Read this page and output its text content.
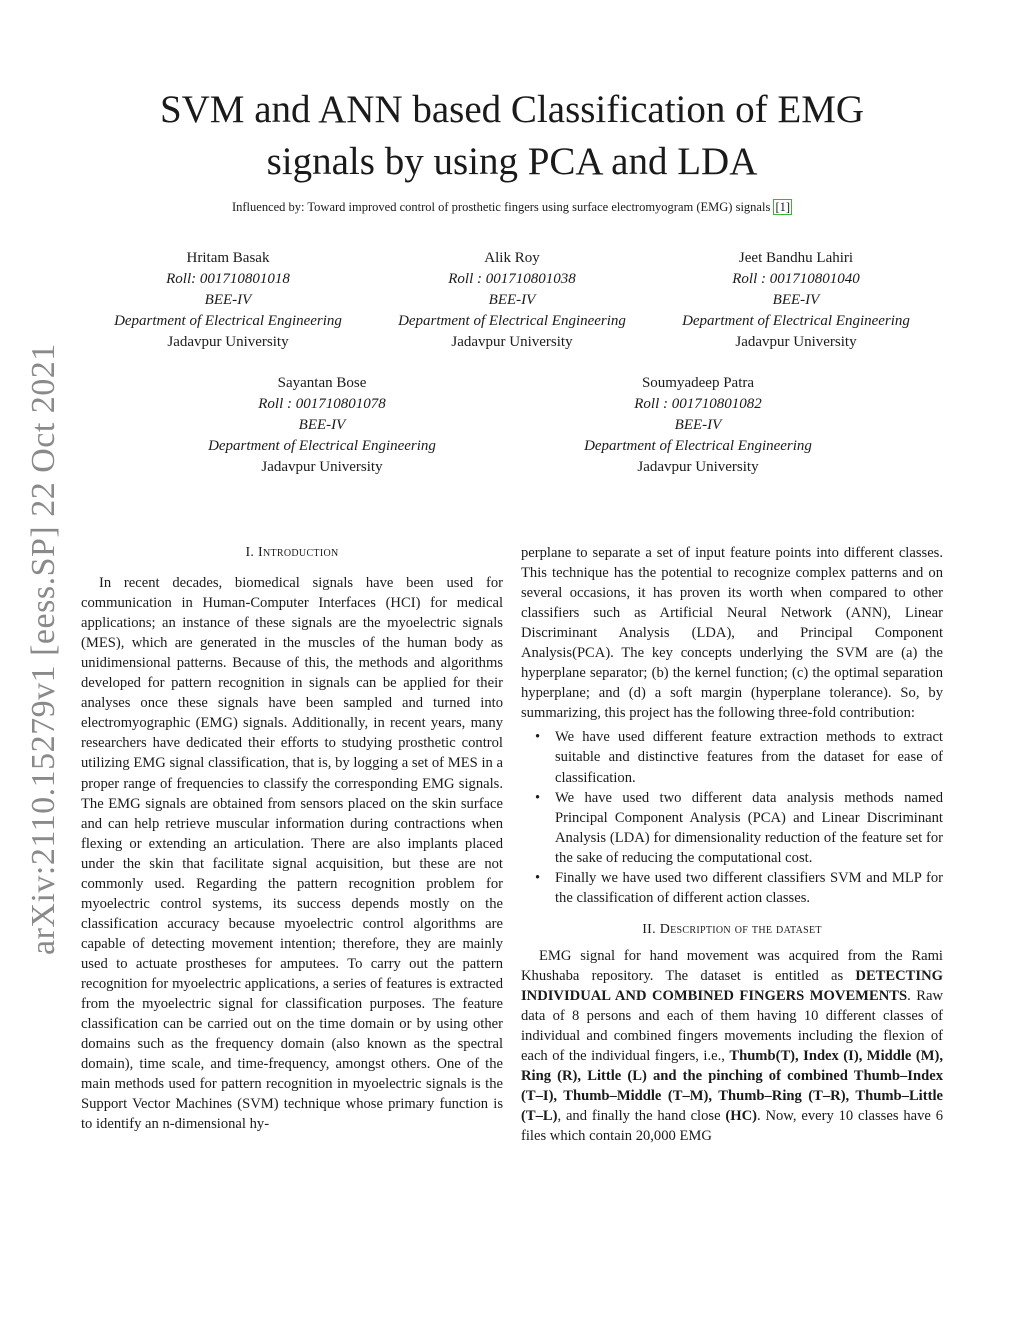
arXiv:2110.15279v1 [eess.SP] 22 Oct 2021
SVM and ANN based Classification of EMG
signals by using PCA and LDA
Influenced by: Toward improved control of prosthetic fingers using surface electromyogram (EMG) signals [1]
Hritam Basak
Roll: 001710801018
BEE-IV
Department of Electrical Engineering
Jadavpur University
Alik Roy
Roll : 001710801038
BEE-IV
Department of Electrical Engineering
Jadavpur University
Jeet Bandhu Lahiri
Roll : 001710801040
BEE-IV
Department of Electrical Engineering
Jadavpur University
Sayantan Bose
Roll : 001710801078
BEE-IV
Department of Electrical Engineering
Jadavpur University
Soumyadeep Patra
Roll : 001710801082
BEE-IV
Department of Electrical Engineering
Jadavpur University
I. Introduction

In recent decades, biomedical signals have been used for communication in Human-Computer Interfaces (HCI) for medical applications; an instance of these signals are the myoelectric signals (MES), which are generated in the muscles of the human body as unidimensional patterns. Because of this, the methods and algorithms developed for pattern recognition in signals can be applied for their analyses once these signals have been sampled and turned into electromyographic (EMG) signals. Additionally, in recent years, many researchers have dedicated their efforts to studying prosthetic control utilizing EMG signal classification, that is, by logging a set of MES in a proper range of frequencies to classify the corresponding EMG signals. The EMG signals are obtained from sensors placed on the skin surface and can help retrieve muscular information during contractions when flexing or extending an articulation. There are also implants placed under the skin that facilitate signal acquisition, but these are not commonly used. Regarding the pattern recognition problem for myoelectric control systems, its success depends mostly on the classification accuracy because myoelectric control algorithms are capable of detecting movement intention; therefore, they are mainly used to actuate prostheses for amputees. To carry out the pattern recognition for myoelectric applications, a series of features is extracted from the myoelectric signal for classification purposes. The feature classification can be carried out on the time domain or by using other domains such as the frequency domain (also known as the spectral domain), time scale, and time-frequency, amongst others. One of the main methods used for pattern recognition in myoelectric signals is the Support Vector Machines (SVM) technique whose primary function is to identify an n-dimensional hy-

perplane to separate a set of input feature points into different classes. This technique has the potential to recognize complex patterns and on several occasions, it has proven its worth when compared to other classifiers such as Artificial Neural Network (ANN), Linear Discriminant Analysis (LDA), and Principal Component Analysis(PCA). The key concepts underlying the SVM are (a) the hyperplane separator; (b) the kernel function; (c) the optimal separation hyperplane; and (d) a soft margin (hyperplane tolerance). So, by summarizing, this project has the following three-fold contribution:

• We have used different feature extraction methods to extract suitable and distinctive features from the dataset for ease of classification.
• We have used two different data analysis methods named Principal Component Analysis (PCA) and Linear Discriminant Analysis (LDA) for dimensionality reduction of the feature set for the sake of reducing the computational cost.
• Finally we have used two different classifiers SVM and MLP for the classification of different action classes.
II. Description of the dataset

EMG signal for hand movement was acquired from the Rami Khushaba repository. The dataset is entitled as DETECTING INDIVIDUAL AND COMBINED FINGERS MOVEMENTS. Raw data of 8 persons and each of them having 10 different classes of individual and combined fingers movements including the flexion of each of the individual fingers, i.e., Thumb(T), Index (I), Middle (M), Ring (R), Little (L) and the pinching of combined Thumb–Index (T–I), Thumb–Middle (T–M), Thumb–Ring (T–R), Thumb–Little (T–L), and finally the hand close (HC). Now, every 10 classes have 6 files which contain 20,000 EMG
